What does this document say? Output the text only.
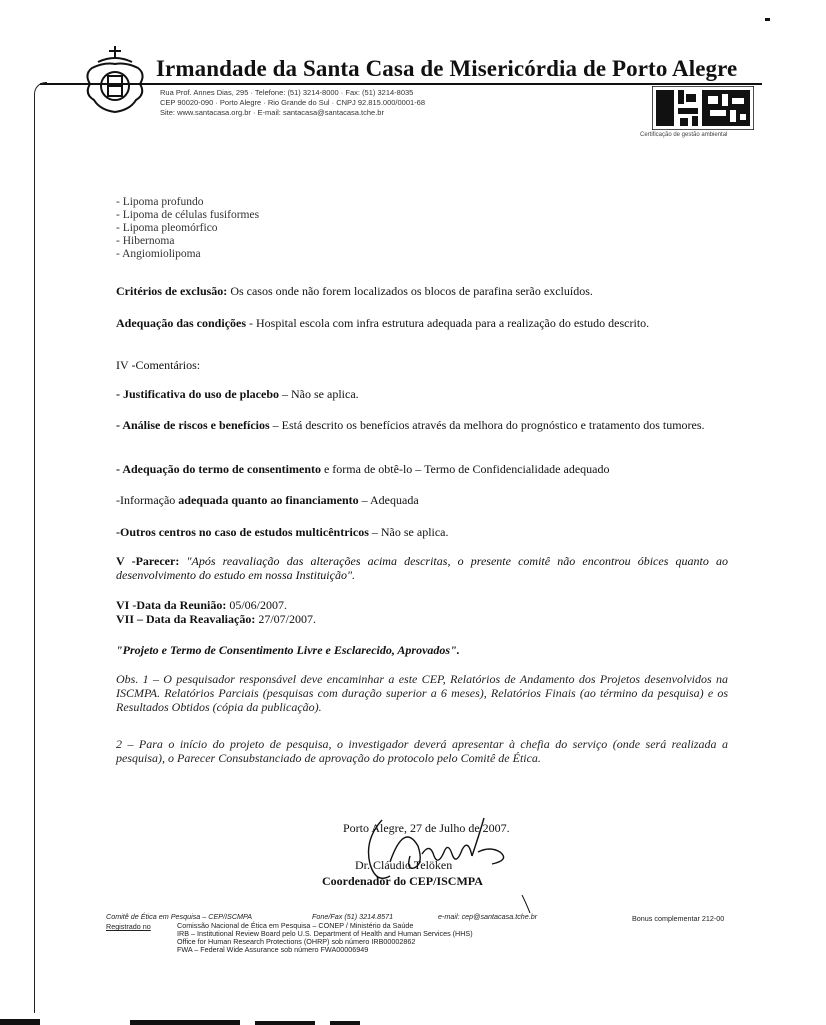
Irmandade da Santa Casa de Misericórdia de Porto Alegre
Rua Prof. Annes Dias, 295 · Telefone: (51) 3214-8000 · Fax: (51) 3214-8035
CEP 90020-090 · Porto Alegre · Rio Grande do Sul · CNPJ 92.815.000/0001-68
Site: www.santacasa.org.br · E-mail: santacasa@santacasa.tche.br
Certificação de gestão ambiental
- Lipoma profundo
- Lipoma de células fusiformes
- Lipoma pleomórfico
- Hibernoma
- Angiomiolipoma
Critérios de exclusão: Os casos onde não forem localizados os blocos de parafina serão excluídos.
Adequação das condições - Hospital escola com infra estrutura adequada para a realização do estudo descrito.
IV -Comentários:
- Justificativa do uso de placebo – Não se aplica.
- Análise de riscos e benefícios – Está descrito os benefícios através da melhora do prognóstico e tratamento dos tumores.
- Adequação do termo de consentimento e forma de obtê-lo – Termo de Confidencialidade adequado
-Informação adequada quanto ao financiamento – Adequada
-Outros centros no caso de estudos multicêntricos – Não se aplica.
V -Parecer: "Após reavaliação das alterações acima descritas, o presente comitê não encontrou óbices quanto ao desenvolvimento do estudo em nossa Instituição".
VI -Data da Reunião: 05/06/2007.
VII – Data da Reavaliação: 27/07/2007.
"Projeto e Termo de Consentimento Livre e Esclarecido, Aprovados".
Obs. 1 – O pesquisador responsável deve encaminhar a este CEP, Relatórios de Andamento dos Projetos desenvolvidos na ISCMPA. Relatórios Parciais (pesquisas com duração superior a 6 meses), Relatórios Finais (ao término da pesquisa) e os Resultados Obtidos (cópia da publicação).
2 – Para o início do projeto de pesquisa, o investigador deverá apresentar à chefia do serviço (onde será realizada a pesquisa), o Parecer Consubstanciado de aprovação do protocolo pelo Comitê de Ética.
Porto Alegre, 27 de Julho de 2007.
Dr. Cláudio Telöken
Coordenador do CEP/ISCMPA
Comitê de Ética em Pesquisa – CEP/ISCMPA
Registrado no
Fone/Fax (51) 3214.8571	e-mail: cep@santacasa.tche.br	Bonus complementar 212-00
Comissão Nacional de Ética em Pesquisa – CONEP / Ministério da Saúde
IRB – Institutional Review Board pelo U.S. Department of Health and Human Services (HHS)
Office for Human Research Protections (OHRP) sob número IRB00002862
FWA – Federal Wide Assurance sob número FWA00006949
